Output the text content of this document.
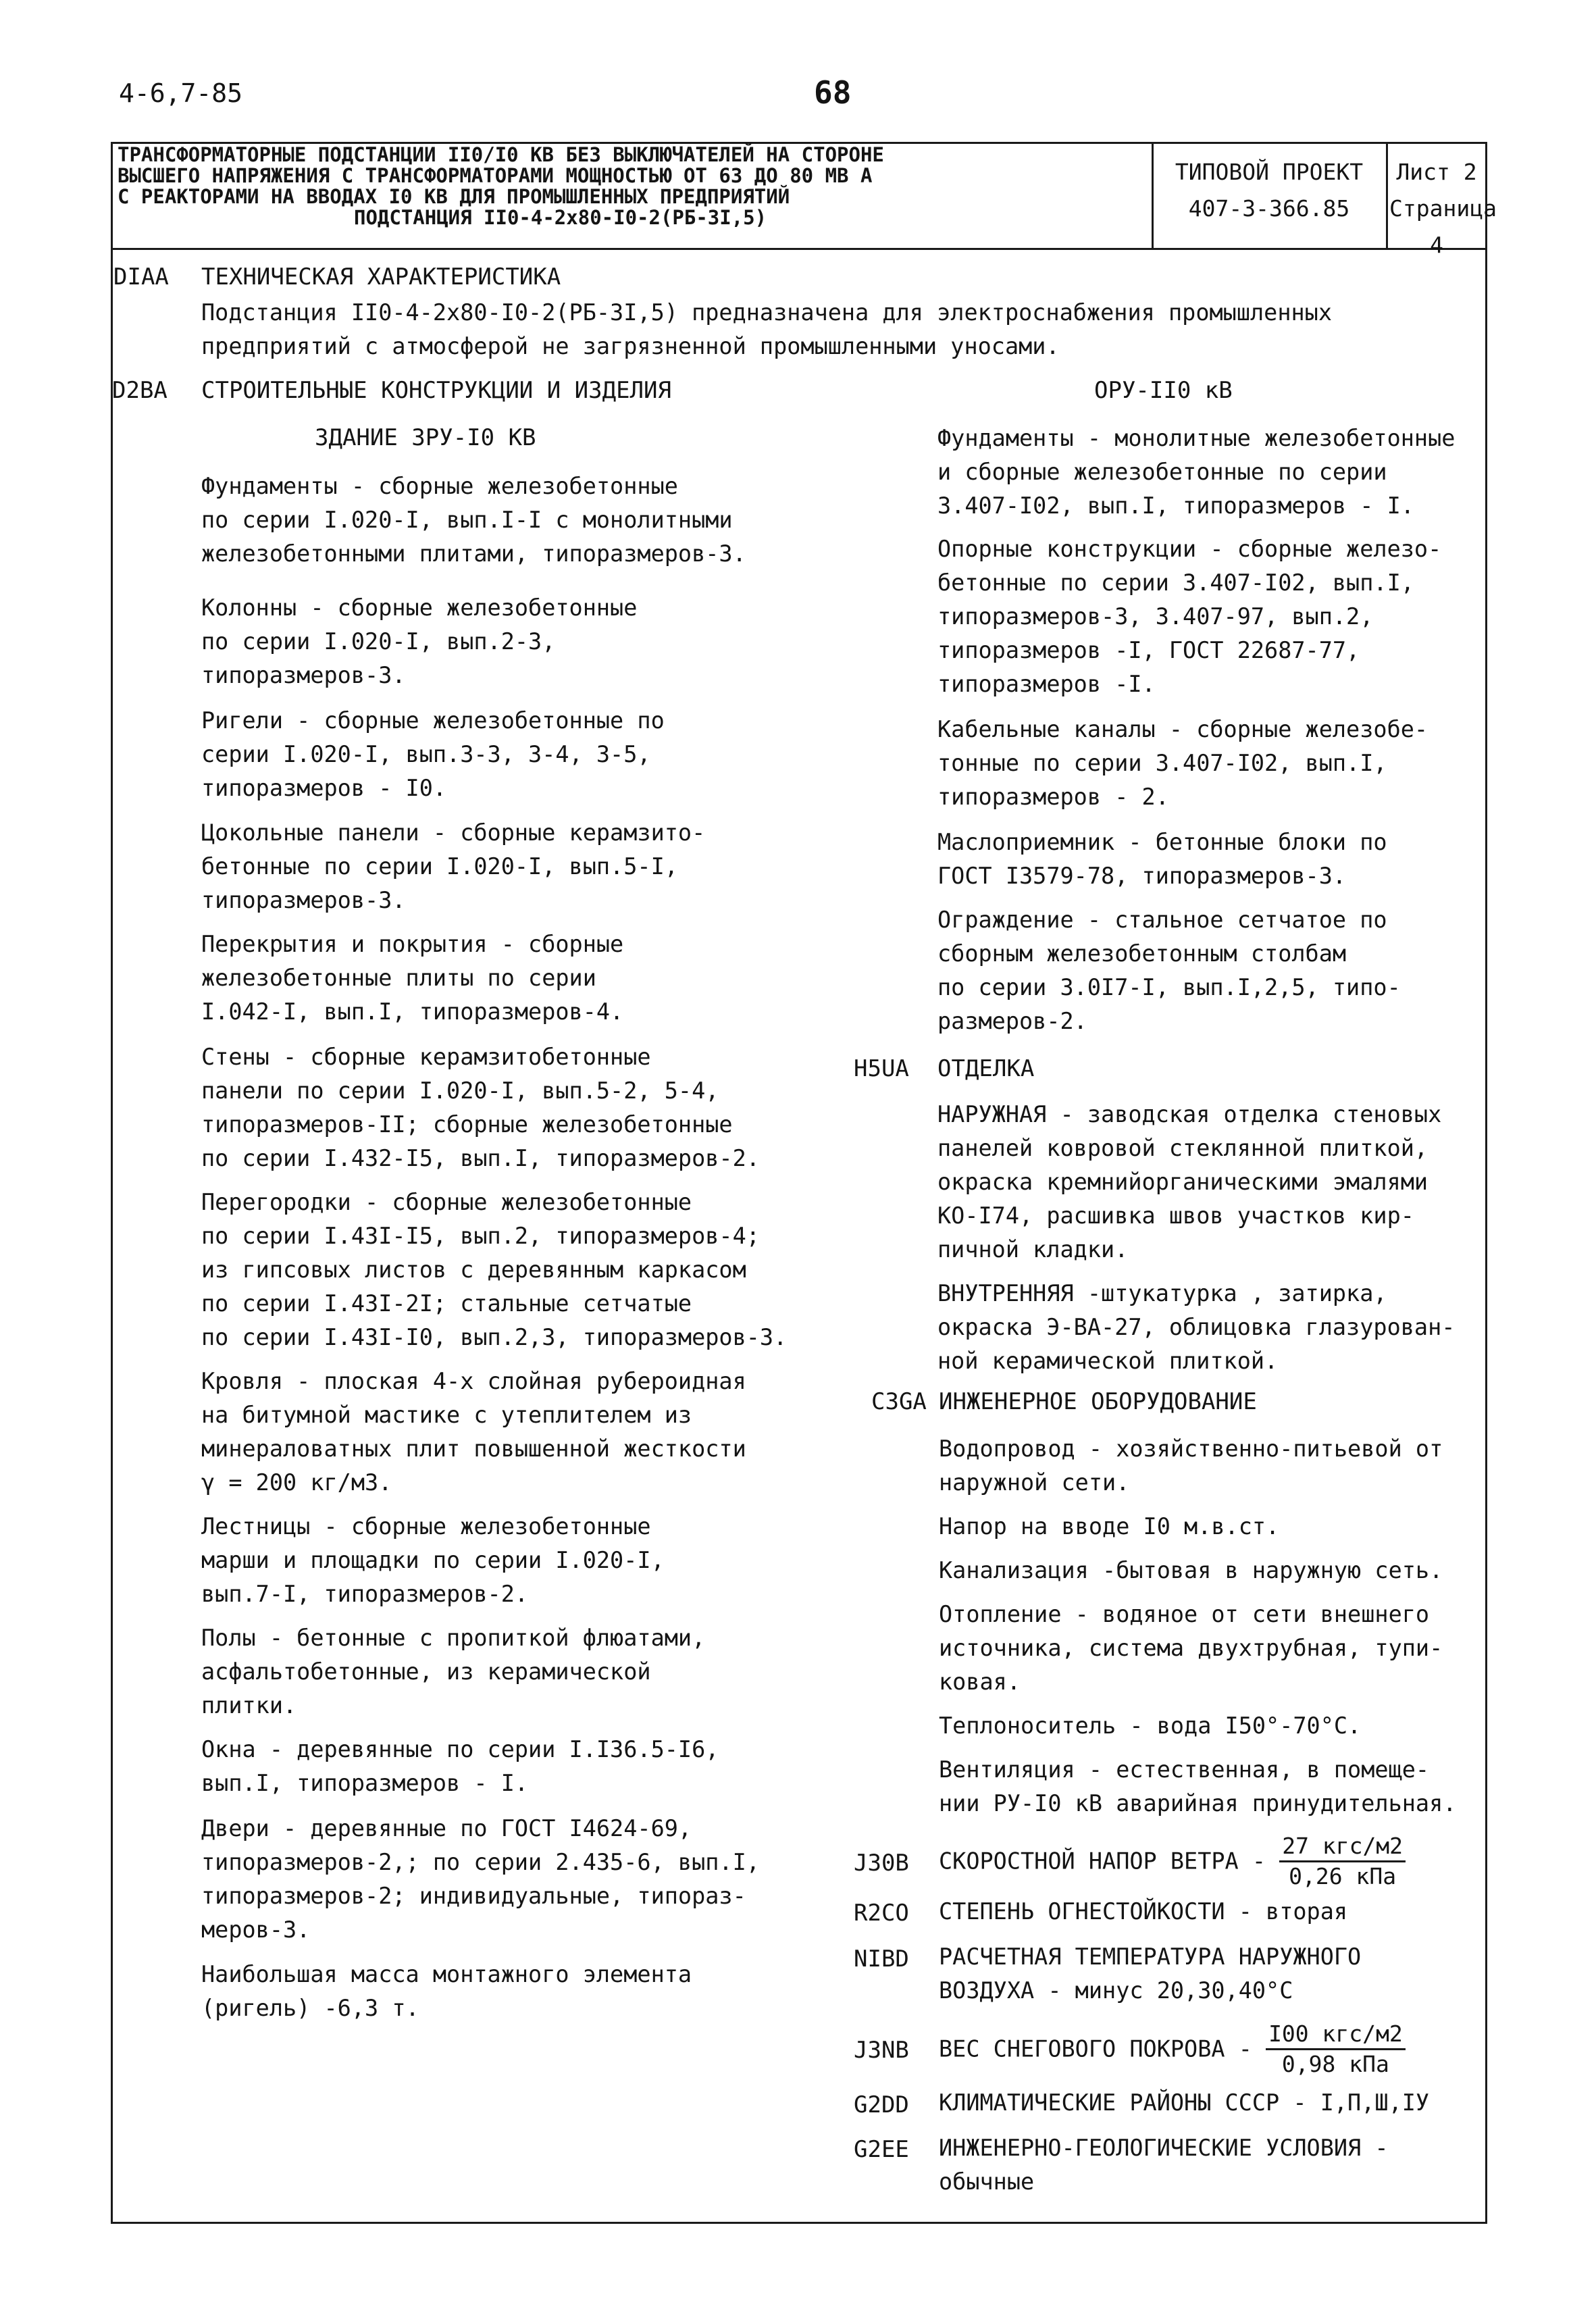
4-6,7-85	68
ТРАНСФОРМАТОРНЫЕ ПОДСТАНЦИИ II0/I0 КВ БЕЗ ВЫКЛЮЧАТЕЛЕЙ НА СТОРОНЕ
ВЫСШЕГО НАПРЯЖЕНИЯ С ТРАНСФОРМАТОРАМИ МОЩНОСТЬЮ ОТ 63 ДО 80 МВ А
С РЕАКТОРАМИ НА ВВОДАХ I0 КВ ДЛЯ ПРОМЫШЛЕННЫХ ПРЕДПРИЯТИЙ
ПОДСТАНЦИЯ II0-4-2х80-I0-2(РБ-3I,5)
ТИПОВОЙ ПРОЕКТ
407-3-366.85
Лист 2
Страница 4
DIAA ТЕХНИЧЕСКАЯ ХАРАКТЕРИСТИКА
Подстанция II0-4-2х80-I0-2(РБ-3I,5) предназначена для электроснабжения промышленных
предприятий с атмосферой не загрязненной промышленными уносами.
D2BA СТРОИТЕЛЬНЫЕ КОНСТРУКЦИИ И ИЗДЕЛИЯ	ОРУ-II0 кВ
ЗДАНИЕ ЗРУ-I0 КВ
Фундаменты - сборные железобетонные
по серии I.020-I, вып.I-I с монолитными
железобетонными плитами, типоразмеров-3.
Колонны - сборные железобетонные
по серии I.020-I, вып.2-3,
типоразмеров-3.
Ригели - сборные железобетонные по
серии I.020-I, вып.3-3, 3-4, 3-5,
типоразмеров - I0.
Цокольные панели - сборные керамзито-
бетонные по серии I.020-I, вып.5-I,
типоразмеров-3.
Перекрытия и покрытия - сборные
железобетонные плиты по серии
I.042-I, вып.I, типоразмеров-4.
Стены - сборные керамзитобетонные
панели по серии I.020-I, вып.5-2, 5-4,
типоразмеров-II; сборные железобетонные
по серии I.432-I5, вып.I, типоразмеров-2.
Перегородки - сборные железобетонные
по серии I.43I-I5, вып.2, типоразмеров-4;
из гипсовых листов с деревянным каркасом
по серии I.43I-2I; стальные сетчатые
по серии I.43I-I0, вып.2,3, типоразмеров-3.
Кровля - плоская 4-х слойная рубероидная
на битумной мастике с утеплителем из
минераловатных плит повышенной жесткости
γ = 200 кг/м3.
Лестницы - сборные железобетонные
марши и площадки по серии I.020-I,
вып.7-I, типоразмеров-2.
Полы - бетонные с пропиткой флюатами,
асфальтобетонные, из керамической
плитки.
Окна - деревянные по серии I.I36.5-I6,
вып.I, типоразмеров - I.
Двери - деревянные по ГОСТ I4624-69,
типоразмеров-2,; по серии 2.435-6, вып.I,
типоразмеров-2; индивидуальные, типораз-
меров-3.
Наибольшая масса монтажного элемента
(ригель) -6,3 т.
Фундаменты - монолитные железобетонные
и сборные железобетонные по серии
3.407-I02, вып.I, типоразмеров - I.
Опорные конструкции - сборные железо-
бетонные по серии 3.407-I02, вып.I,
типоразмеров-3, 3.407-97, вып.2,
типоразмеров -I, ГОСТ 22687-77,
типоразмеров -I.
Кабельные каналы - сборные железобе-
тонные по серии 3.407-I02, вып.I,
типоразмеров - 2.
Маслоприемник - бетонные блоки по
ГОСТ I3579-78, типоразмеров-3.
Ограждение - стальное сетчатое по
сборным железобетонным столбам
по серии 3.0I7-I, вып.I,2,5, типо-
размеров-2.
H5UA ОТДЕЛКА
НАРУЖНАЯ - заводская отделка стеновых
панелей ковровой стеклянной плиткой,
окраска кремнийорганическими эмалями
КО-I74, расшивка швов участков кир-
пичной кладки.
ВНУТРЕННЯЯ -штукатурка , затирка,
окраска Э-ВА-27, облицовка глазурован-
ной керамической плиткой.
C3GA ИНЖЕНЕРНОЕ ОБОРУДОВАНИЕ
Водопровод - хозяйственно-питьевой от
наружной сети.
Напор на вводе I0 м.в.ст.
Канализация -бытовая в наружную сеть.
Отопление - водяное от сети внешнего
источника, система двухтрубная, тупи-
ковая.
Теплоноситель - вода I50°-70°С.
Вентиляция - естественная, в помеще-
нии РУ-I0 кВ аварийная принудительная.
J30B СКОРОСТНОЙ НАПОР ВЕТРА - $\frac{\text{27 кгс/м2}}{\text{0,26 кПа}}$
R2CO СТЕПЕНЬ ОГНЕСТОЙКОСТИ - вторая
NIBD РАСЧЕТНАЯ ТЕМПЕРАТУРА НАРУЖНОГО
ВОЗДУХА - минус 20,30,40°С
J3NB ВЕС СНЕГОВОГО ПОКРОВА - $\frac{\text{I00 кгс/м2}}{\text{0,98 кПа}}$
G2DD КЛИМАТИЧЕСКИЕ РАЙОНЫ СССР - I,П,Ш,IУ
G2EE ИНЖЕНЕРНО-ГЕОЛОГИЧЕСКИЕ УСЛОВИЯ -
обычные
